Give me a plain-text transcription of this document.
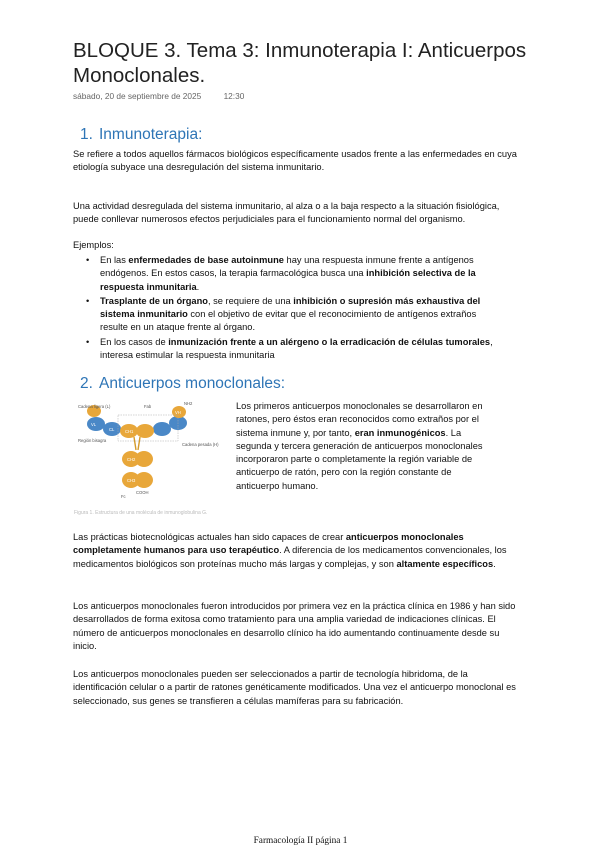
BLOQUE 3. Tema 3: Inmunoterapia I: Anticuerpos Monoclonales.
sábado, 20 de septiembre de 2025	12:30
1. Inmunoterapia:

Se refiere a todos aquellos fármacos biológicos específicamente usados frente a las enfermedades en cuya etiología subyace una desregulación del sistema inmunitario.

Una actividad desregulada del sistema inmunitario, al alza o a la baja respecto a la situación fisiológica, puede conllevar numerosos efectos perjudiciales para el funcionamiento normal del organismo.

Ejemplos:
• En las enfermedades de base autoinmune hay una respuesta inmune frente a antígenos endógenos. En estos casos, la terapia farmacológica busca una inhibición selectiva de la respuesta inmunitaria.
• Trasplante de un órgano, se requiere de una inhibición o supresión más exhaustiva del sistema inmunitario con el objetivo de evitar que el reconocimiento de antígenos extraños resulte en un ataque frente al órgano.
• En los casos de inmunización frente a un alérgeno o la erradicación de células tumorales, interesa estimular la respuesta inmunitaria
2. Anticuerpos monoclonales:
Cadena ligera (L)
Región bisagra
Cadena pesada (H)
Fab
Fc
COOH
VL
CL
VH
CH1
CH2
CH3
NH2
Figura 1. Estructura de una molécula de inmunoglobulina G.

Los primeros anticuerpos monoclonales se desarrollaron en ratones, pero éstos eran reconocidos como extraños por el sistema inmune y, por tanto, eran inmunogénicos. La segunda y tercera generación de anticuerpos monoclonales incorporaron parte o completamente la región variable de anticuerpo de ratón, pero con la región constante de anticuerpo humano.

Las prácticas biotecnológicas actuales han sido capaces de crear anticuerpos monoclonales completamente humanos para uso terapéutico. A diferencia de los medicamentos convencionales, los medicamentos biológicos son proteínas mucho más largas y complejas, y son altamente específicos.

Los anticuerpos monoclonales fueron introducidos por primera vez en la práctica clínica en 1986 y han sido desarrollados de forma exitosa como tratamiento para una amplia variedad de indicaciones clínicas. El número de anticuerpos monoclonales en desarrollo clínico ha ido aumentando continuamente desde su inicio.

Los anticuerpos monoclonales pueden ser seleccionados a partir de tecnología hibridoma, de la identificación celular o a partir de ratones genéticamente modificados. Una vez el anticuerpo monoclonal es seleccionado, sus genes se transfieren a células mamíferas para su fabricación.

Farmacología II página 1
